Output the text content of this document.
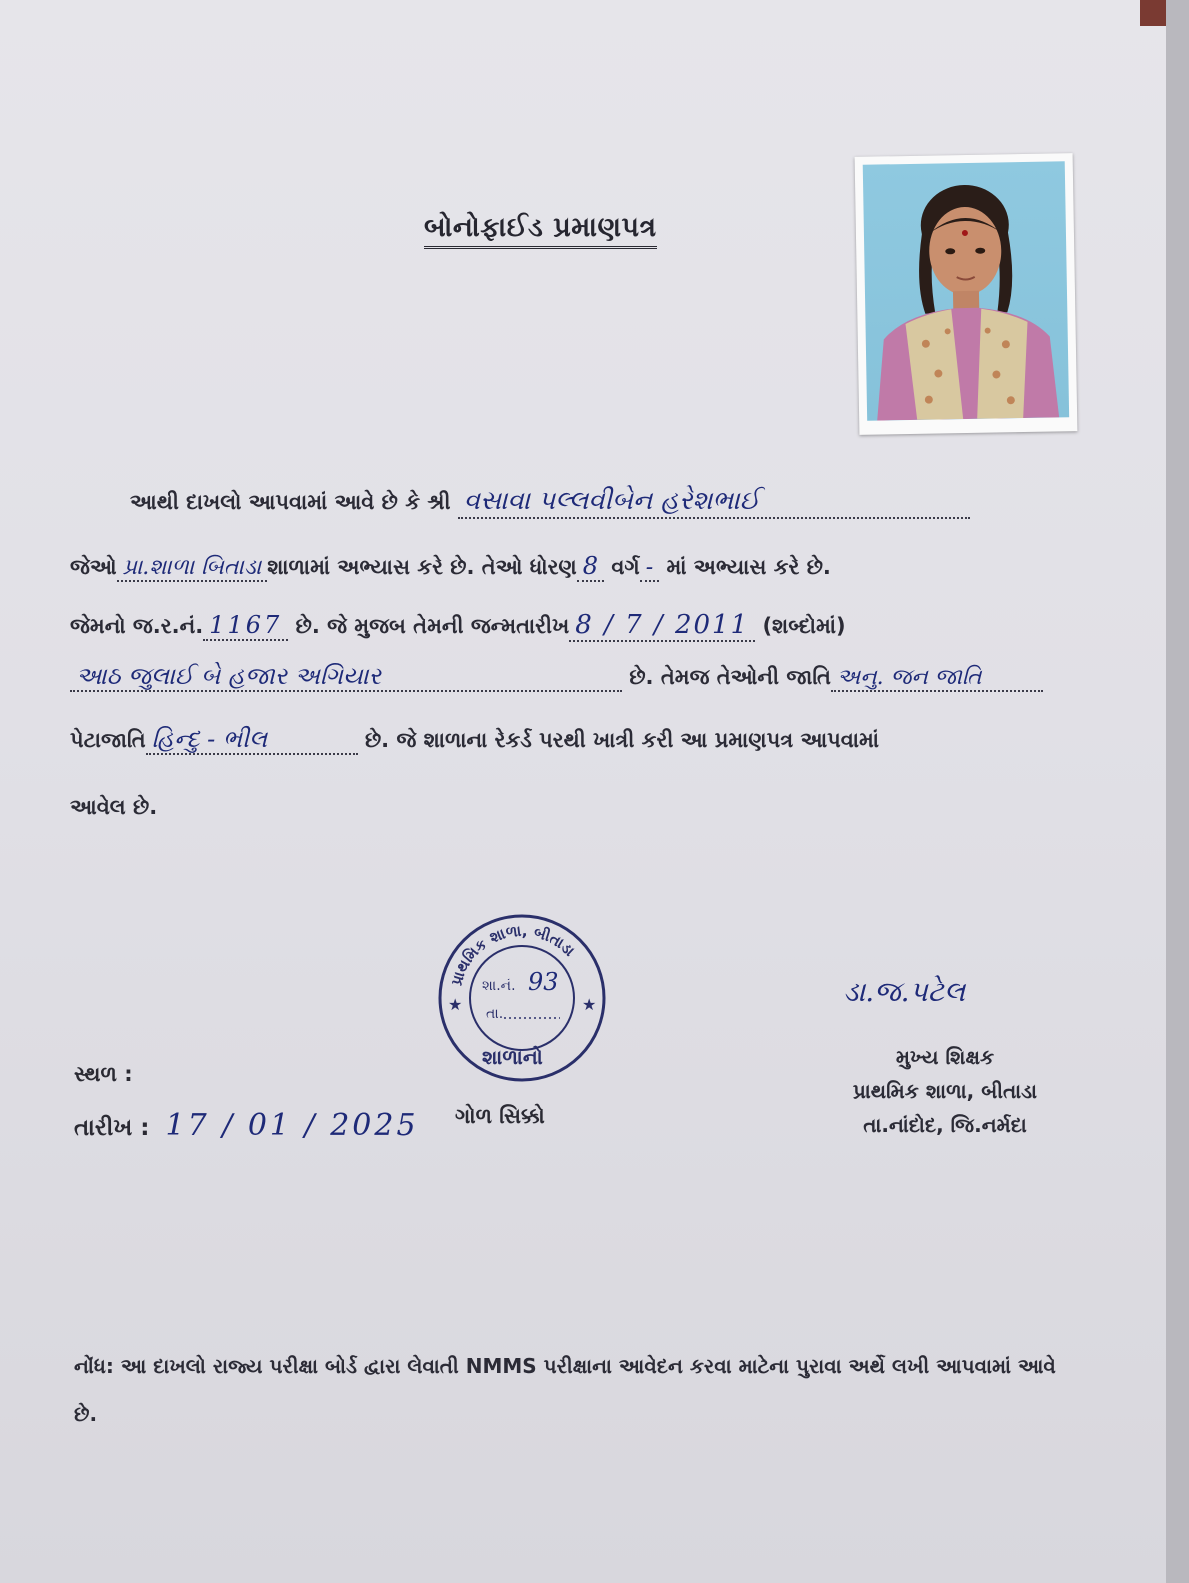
બોનોફાઈડ પ્રમાણપત્ર
આથી દાખલો આપવામાં આવે છે કે શ્રી વસાવા પલ્લવીબેન હરેશભાઈ
જેઓ પ્રા.શાળા બિતાડા શાળામાં અભ્યાસ કરે છે. તેઓ ધોરણ 8 વર્ગ - માં અભ્યાસ કરે છે.
જેમનો જ.ર.નં. 1167 છે. જે મુજબ તેમની જન્મતારીખ 8 / 7 / 2011 (શબ્દોમાં)
આઠ જુલાઈ બે હજાર અગિયાર	છે. તેમજ તેઓની જાતિ અનુ. જન જાતિ
પેટાજાતિ હિન્દુ - ભીલ	છે. જે શાળાના રેકર્ડ પરથી ખાત્રી કરી આ પ્રમાણપત્ર આપવામાં
આવેલ છે.
પ્રાથમિક શાળા, બીતાડા
★	★
શા.નં. 93
તા.
શાળાનો
ડા.જ.પટેલ
મુખ્ય શિક્ષક
પ્રાથમિક શાળા, બીતાડા
તા.નાંદોદ, જિ.નર્મદા
સ્થળ :
તારીખ : 17 / 01 / 2025 ગોળ સિક્કો
નોંધ: આ દાખલો રાજ્ય પરીક્ષા બોર્ડ દ્વારા લેવાતી NMMS પરીક્ષાના આવેદન કરવા માટેના પુરાવા અર્થે લખી આપવામાં આવે છે.
